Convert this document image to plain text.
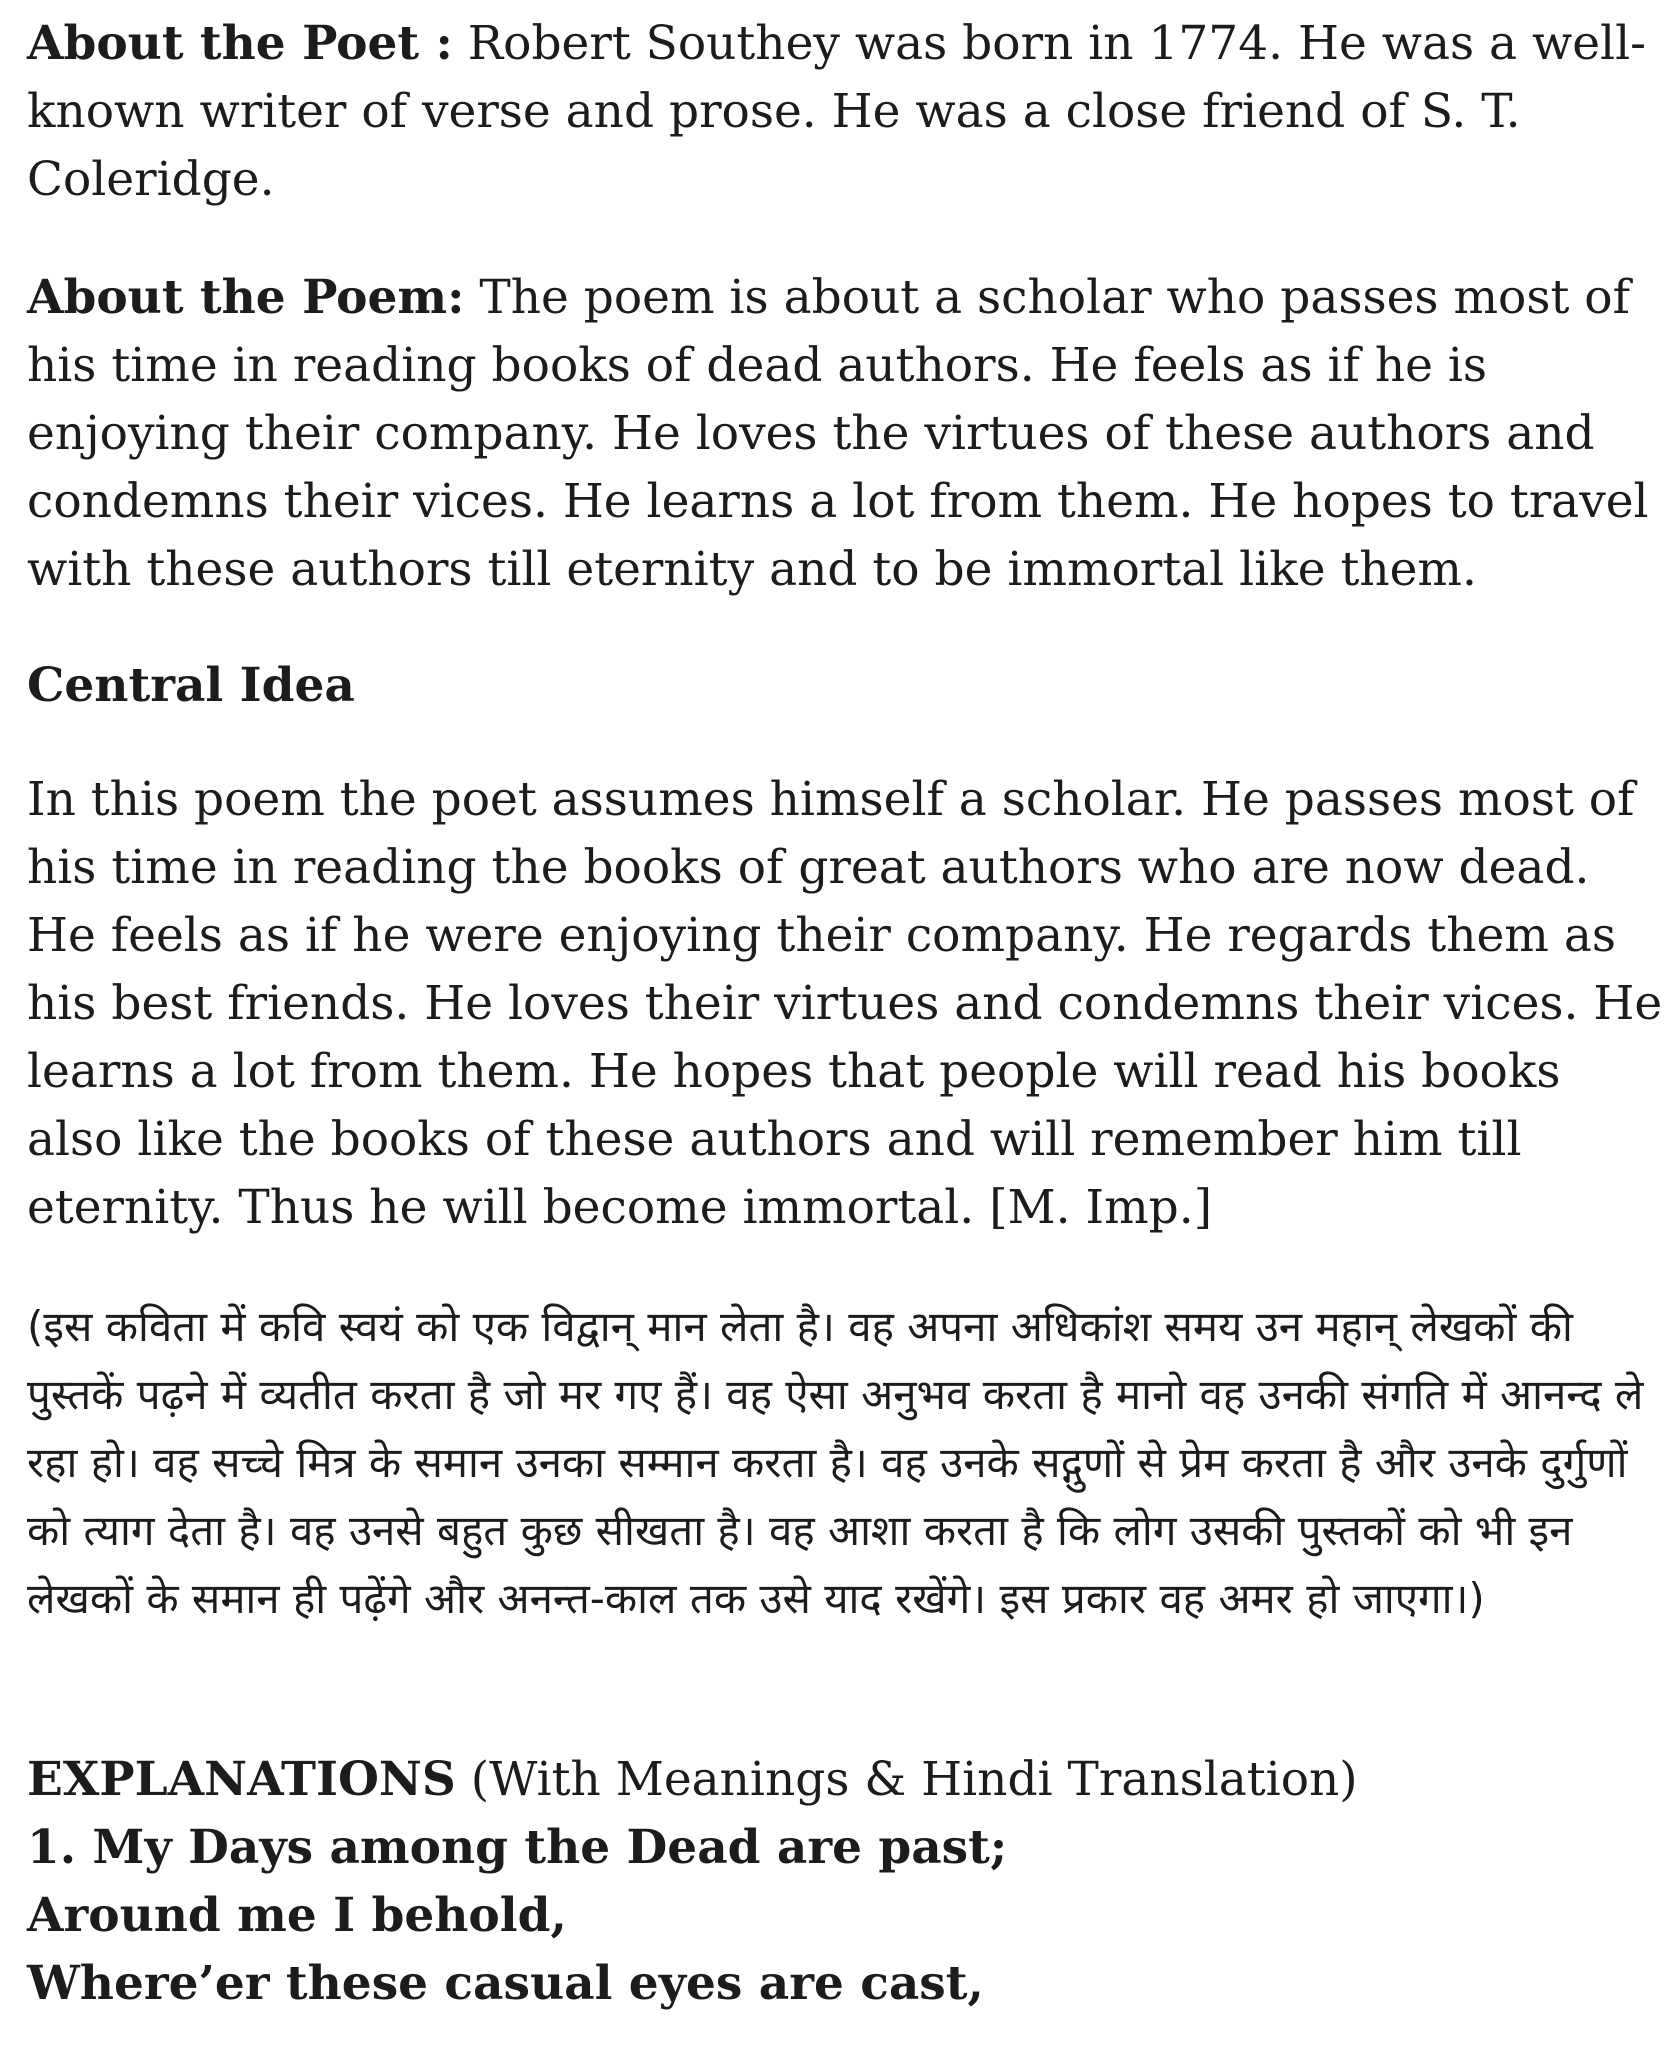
About the Poet : Robert Southey was born in 1774. He was a well-known writer of verse and prose. He was a close friend of S. T. Coleridge.

About the Poem: The poem is about a scholar who passes most of his time in reading books of dead authors. He feels as if he is enjoying their company. He loves the virtues of these authors and condemns their vices. He learns a lot from them. He hopes to travel with these authors till eternity and to be immortal like them.

Central Idea

In this poem the poet assumes himself a scholar. He passes most of his time in reading the books of great authors who are now dead. He feels as if he were enjoying their company. He regards them as his best friends. He loves their virtues and condemns their vices. He learns a lot from them. He hopes that people will read his books also like the books of these authors and will remember him till eternity. Thus he will become immortal. [M. Imp.]

(इस कविता में कवि स्वयं को एक विद्वान् मान लेता है। वह अपना अधिकांश समय उन महान् लेखकों की पुस्तकें पढ़ने में व्यतीत करता है जो मर गए हैं। वह ऐसा अनुभव करता है मानो वह उनकी संगति में आनन्द ले रहा हो। वह सच्चे मित्र के समान उनका सम्मान करता है। वह उनके सद्गुणों से प्रेम करता है और उनके दुर्गुणों को त्याग देता है। वह उनसे बहुत कुछ सीखता है। वह आशा करता है कि लोग उसकी पुस्तकों को भी इन लेखकों के समान ही पढ़ेंगे और अनन्त-काल तक उसे याद रखेंगे। इस प्रकार वह अमर हो जाएगा।)

EXPLANATIONS (With Meanings & Hindi Translation)
1. My Days among the Dead are past;
Around me I behold,
Where’er these casual eyes are cast,
